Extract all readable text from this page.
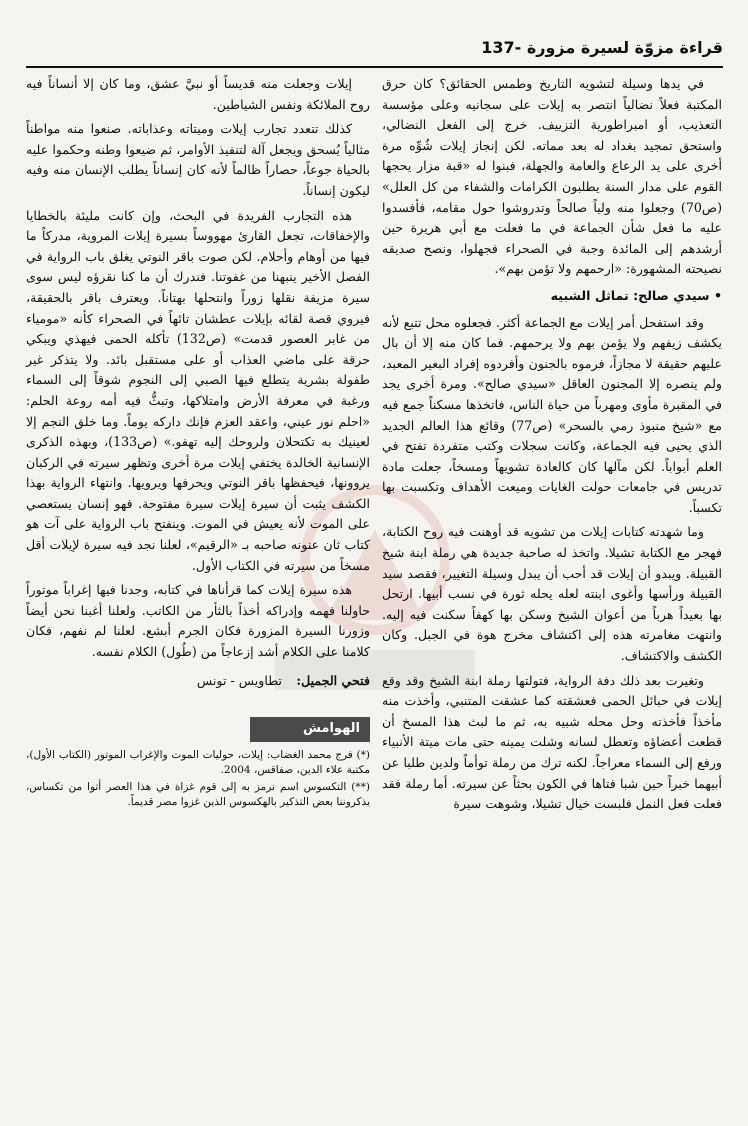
قراءة مزوّة لسيرة مزورة -137

في يدها وسيلة لتشويه التاريخ وطمس الحقائق؟ كان حرق المكتبة فعلاً نضالياً انتصر به إيلات على سجانيه وعلى مؤسسة التعذيب، أو امبراطورية التزييف. خرج إلى الفعل النضالي، واستحق تمجيد بغداد له بعد مماته. لكن إنجاز إيلات شُوِّه مرة أخرى على يد الرعاع والعامة والجهلة، فبنوا له «قبة مزار يحجها القوم على مدار السنة يطلبون الكرامات والشفاء من كل العلل» (ص70) وجعلوا منه ولياً صالحاً وتدروشوا حول مقامه، فأفسدوا عليه ما فعل شأن الجماعة في ما فعلت مع أبي هريرة حين أرشدهم إلى المائدة وجبة في الصحراء فجهلوا، ونصح صديقه نصيحته المشهورة: «ارحمهم ولا تؤمن بهم».

• سيدي صالح: تماثل الشبيه

وقد استفحل أمر إيلات مع الجماعة أكثر. فجعلوه محل تتبع لأنه يكشف زيفهم ولا يؤمن بهم ولا يرحمهم. فما كان منه إلا أن بال عليهم حقيقة لا مجازاً، فرموه بالجنون وأفردوه إفراد البعير المعبد، ولم ينصره إلا المجنون العاقل «سيدي صالح». ومرة أخرى يجد في المقبرة مأوى ومهرباً من حياة الناس، فاتخذها مسكناً جمع فيه مع «شيخ منبوذ رمي بالسحر» (ص77) وقائع هذا العالم الجديد الذي يحيى فيه الجماعة، وكانت سجلات وكتب متفردة تفتح في العلم أبواباً. لكن مآلها كان كالعادة تشويهاً ومسخاً، جعلت مادة تدريس في جامعات حولت الغايات وميعت الأهداف وتكسبت بها تكسباً.

وما شهدته كتابات إيلات من تشويه قد أوهنت فيه روح الكتابة، فهجر مع الكتابة تشيلا. واتخذ له صاحبة جديدة هي رملة ابنة شيخ القبيلة. ويبدو أن إيلات قد أحب أن يبدل وسيلة التغيير، فقصد سيد القبيلة ورأسها وأغوى ابنته لعله يحله ثورة في نسب أبيها. ارتحل بها بعيداً هرباً من أعوان الشيخ وسكن بها كهفاً سكنت فيه إليه. وانتهت مغامرته هذه إلى اكتشاف مخرج هوة في الجبل. وكان الكشف والاكتشاف.

وتغيرت بعد ذلك دفة الرواية، فتولتها رملة ابنة الشيخ وقد وقع إيلات في حبائل الحمى فعشقته كما عشقت المتنبي، وأخذت منه مأخذاً فأخذته وحل محله شبيه به، ثم ما لبث هذا المسخ أن قطعت أعضاؤه وتعطل لسانه وشلت يمينه حتى مات ميتة الأنبياء ورفع إلى السماء معراجاً. لكنه ترك من رملة توأماً ولدين طلبا عن أبيهما خبراً حين شبا فتاها في الكون بحثاً عن سيرته. أما رملة فقد فعلت فعل النمل فلبست خيال تشيلا، وشوهت سيرة

إيلات وجعلت منه قديساً أو نبيَّ عشق، وما كان إلا أنساناً فيه روح الملائكة ونفس الشياطين.

كذلك تتعدد تجارب إيلات وميتاته وعذاباته. صنعوا منه مواطناً مثالياً يُسحق ويجعل آلة لتنفيذ الأوامر، ثم ضيعوا وطنه وحكموا عليه بالحياة جوعاً، حصاراً ظالماً لأنه كان إنساناً يطلب الإنسان منه وفيه ليكون إنساناً.

هذه التجارب الفريدة في البحث، وإن كانت مليئة بالخطايا والإخفاقات، تجعل القارئ مهووساً بسيرة إيلات المروية، مدركاً ما فيها من أوهام وأحلام. لكن صوت باقر النوتي يغلق باب الرواية في الفصل الأخير ينبهنا من غفوتنا. فندرك أن ما كنا نقرؤه ليس سوى سيرة مزيفة نقلها زوراً وانتحلها بهتاناً. ويعترف باقر بالحقيقة، فيروي قصة لقائه بإيلات عطشان تائهاً في الصحراء كأنه «مومياء من غابر العصور قدمت» (ص132) تأكله الحمى فيهذي ويبكي حرقة على ماضي العذاب أو على مستقبل بائد. ولا يتذكر غير طفولة بشرية يتطلع فيها الصبي إلى النجوم شوقاً إلى السماء ورغبة في معرفة الأرض وامتلاكها، وتبثُّ فيه أمه روعة الحلم: «احلم نور عيني، واعقد العزم فإنك داركه يوماً. وما خلق النجم إلا لعينيك به تكتحلان ولروحك إليه تهفو.» (ص133)، وبهذه الذكرى الإنسانية الخالدة يختفي إيلات مرة أخرى وتظهر سيرته في الركبان يروونها، فيحفظها باقر النوتي ويحرفها ويرويها. وانتهاء الرواية بهذا الكشف يثبت أن سيرة إيلات سيرة مفتوحة. فهو إنسان يستعصي على الموت لأنه يعيش في الموت. وينفتح باب الرواية على آت هو كتاب ثان عنونه صاحبه بـ «الرقيم»، لعلنا نجد فيه سيرة لإيلات أقل مسخاً من سيرته في الكتاب الأول.

هذه سيرة إيلات كما قرأناها في كتابه، وجدنا فيها إغراباً موتوراً حاولنا فهمه وإدراكه أخذاً بالثأر من الكاتب. ولعلنا أغبنا نحن أيضاً وزورنا السيرة المزورة فكان الجرم أبشع. لعلنا لم نفهم، فكان كلامنا على الكلام أشد إزعاجاً من (طُول) الكلام نفسه.

فتحي الجميل: تطاويس - تونس
الهوامش

(*) فرج محمد الغضاب: إيلات، حوليات الموت والإغراب الموتور (الكتاب الأول)، مكتبة علاء الدين، صفاقس، 2004.

(**) التكسوس اسم نرمز به إلى قوم غزاة في هذا العصر أتوا من تكساس، يذكروننا بعض التذكير بالهكسوس الذين غزوا مصر قديماً.
